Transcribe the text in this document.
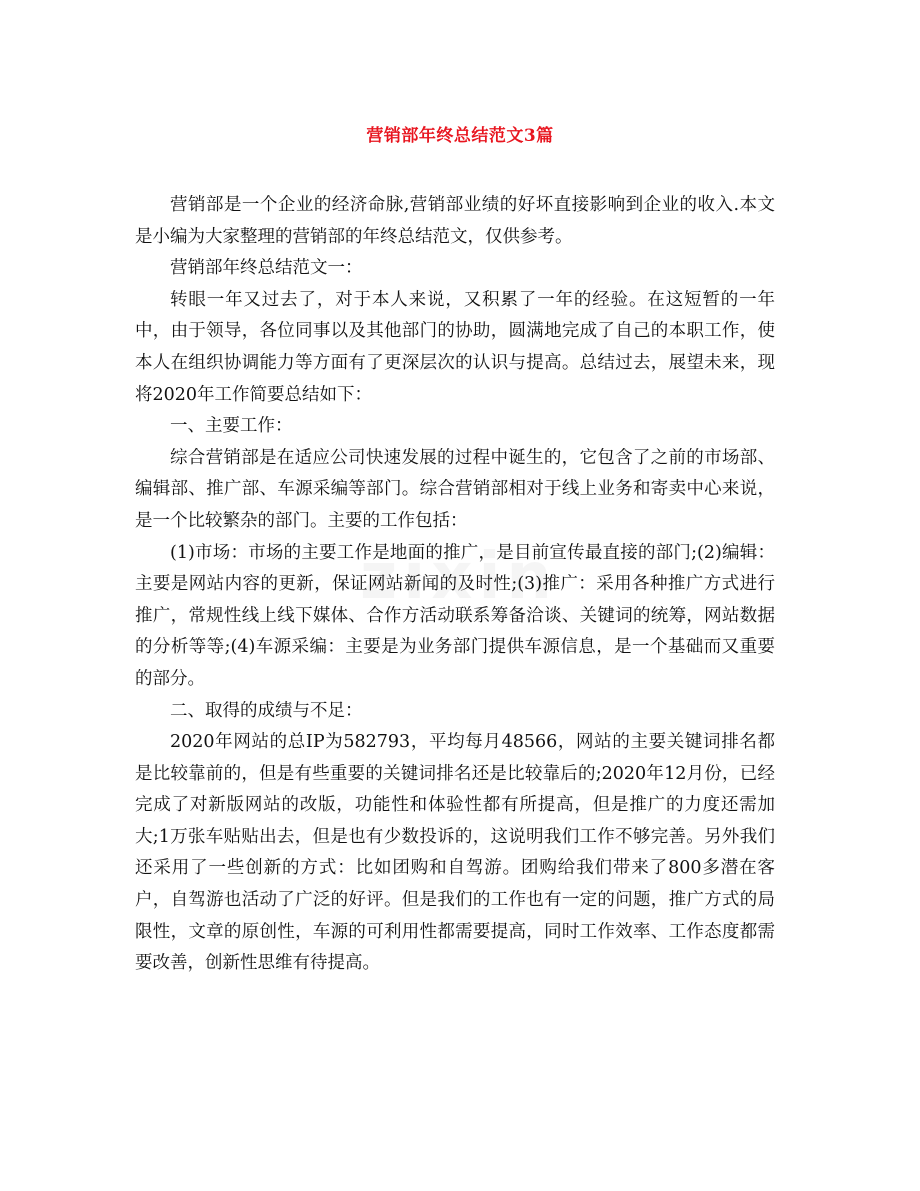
营销部年终总结范文3篇

营销部是一个企业的经济命脉,营销部业绩的好坏直接影响到企业的收入.本文是小编为大家整理的营销部的年终总结范文，仅供参考。

营销部年终总结范文一：

转眼一年又过去了，对于本人来说，又积累了一年的经验。在这短暂的一年中，由于领导，各位同事以及其他部门的协助，圆满地完成了自己的本职工作，使本人在组织协调能力等方面有了更深层次的认识与提高。总结过去，展望未来，现将2020年工作简要总结如下：

一、主要工作：

综合营销部是在适应公司快速发展的过程中诞生的，它包含了之前的市场部、编辑部、推广部、车源采编等部门。综合营销部相对于线上业务和寄卖中心来说，是一个比较繁杂的部门。主要的工作包括：

(1)市场：市场的主要工作是地面的推广，是目前宣传最直接的部门;(2)编辑：主要是网站内容的更新，保证网站新闻的及时性;(3)推广：采用各种推广方式进行推广，常规性线上线下媒体、合作方活动联系筹备洽谈、关键词的统筹，网站数据的分析等等;(4)车源采编：主要是为业务部门提供车源信息，是一个基础而又重要的部分。

二、取得的成绩与不足：

2020年网站的总IP为582793，平均每月48566，网站的主要关键词排名都是比较靠前的，但是有些重要的关键词排名还是比较靠后的;2020年12月份，已经完成了对新版网站的改版，功能性和体验性都有所提高，但是推广的力度还需加大;1万张车贴贴出去，但是也有少数投诉的，这说明我们工作不够完善。另外我们还采用了一些创新的方式：比如团购和自驾游。团购给我们带来了800多潜在客户，自驾游也活动了广泛的好评。但是我们的工作也有一定的问题，推广方式的局限性，文章的原创性，车源的可利用性都需要提高，同时工作效率、工作态度都需要改善，创新性思维有待提高。
